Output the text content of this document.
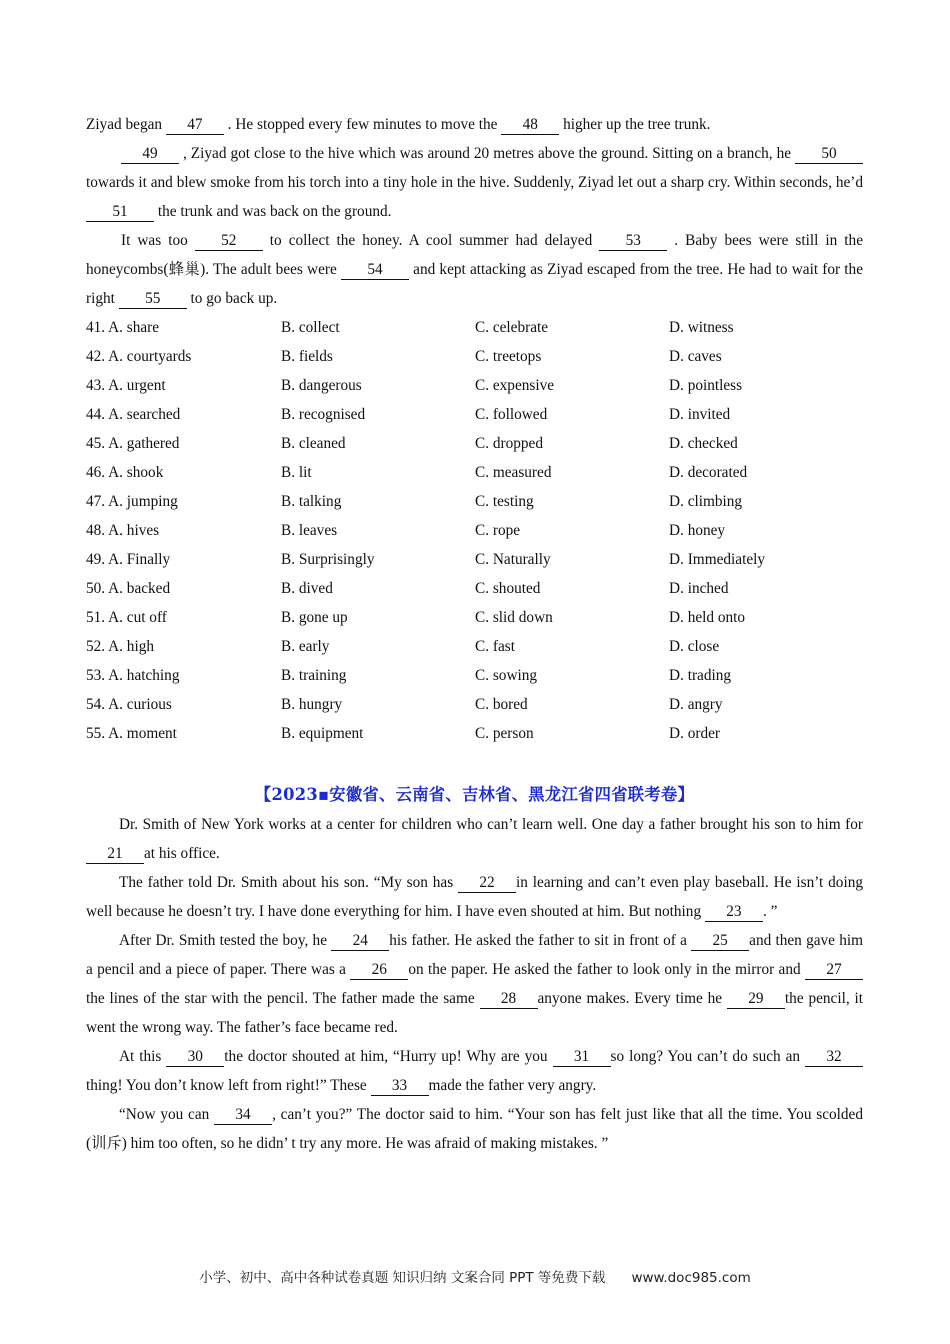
Ziyad began 47 . He stopped every few minutes to move the 48 higher up the tree trunk.

49 , Ziyad got close to the hive which was around 20 metres above the ground. Sitting on a branch, he 50 towards it and blew smoke from his torch into a tiny hole in the hive. Suddenly, Ziyad let out a sharp cry. Within seconds, he’d 51 the trunk and was back on the ground.

It was too 52 to collect the honey. A cool summer had delayed 53 . Baby bees were still in the honeycombs(蜂巢). The adult bees were 54 and kept attacking as Ziyad escaped from the tree. He had to wait for the right 55 to go back up.

41. A. share	B. collect	C. celebrate	D. witness
42. A. courtyards	B. fields	C. treetops	D. caves
43. A. urgent	B. dangerous	C. expensive	D. pointless
44. A. searched	B. recognised	C. followed	D. invited
45. A. gathered	B. cleaned	C. dropped	D. checked
46. A. shook	B. lit	C. measured	D. decorated
47. A. jumping	B. talking	C. testing	D. climbing
48. A. hives	B. leaves	C. rope	D. honey
49. A. Finally	B. Surprisingly	C. Naturally	D. Immediately
50. A. backed	B. dived	C. shouted	D. inched
51. A. cut off	B. gone up	C. slid down	D. held onto
52. A. high	B. early	C. fast	D. close
53. A. hatching	B. training	C. sowing	D. trading
54. A. curious	B. hungry	C. bored	D. angry
55. A. moment	B. equipment	C. person	D. order
【2023▪安徽省、云南省、吉林省、黑龙江省四省联考卷】

Dr. Smith of New York works at a center for children who can’t learn well. One day a father brought his son to him for21 at his office.

The father told Dr. Smith about his son. “My son has 22 in learning and can’t even play baseball. He isn’t doing well because he doesn’t try. I have done everything for him. I have even shouted at him. But nothing 23 . ”

After Dr. Smith tested the boy, he 24 his father. He asked the father to sit in front of a 25 and then gave him a pencil and a piece of paper. There was a 26 on the paper. He asked the father to look only in the mirror and 27the lines of the star with the pencil. The father made the same 28 anyone makes. Every time he 29 the pencil, it went the wrong way. The father’s face became red.

At this 30 the doctor shouted at him, “Hurry up! Why are you 31 so long? You can’t do such an 32thing! You don’t know left from right!” These 33 made the father very angry.

“Now you can 34 , can’t you?” The doctor said to him. “Your son has felt just like that all the time. You scolded (训斥) him too often, so he didn’ t try any more. He was afraid of making mistakes. ”

小学、初中、高中各种试卷真题 知识归纳 文案合同 PPT 等免费下载 www.doc985.com
